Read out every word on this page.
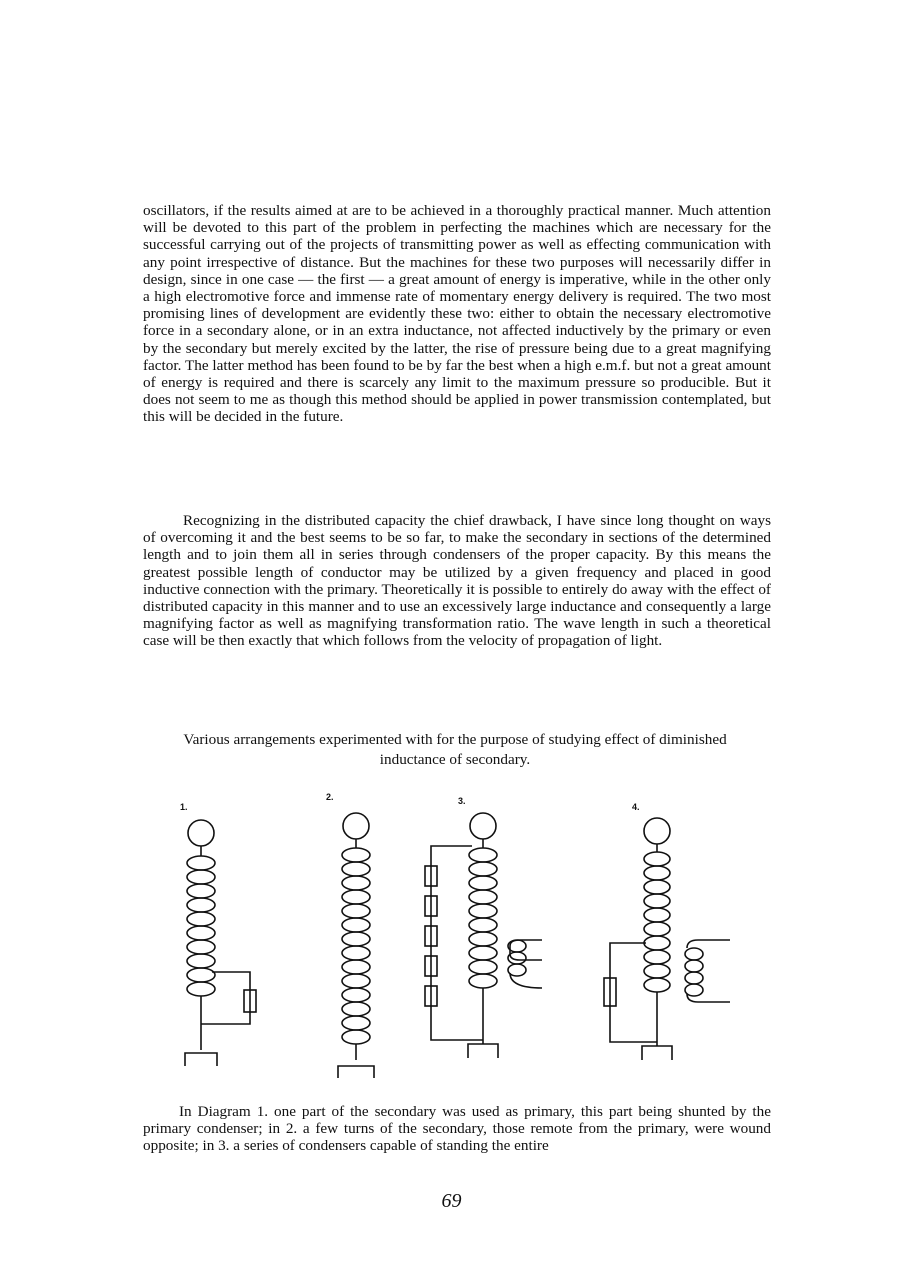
oscillators, if the results aimed at are to be achieved in a thoroughly practical manner. Much attention will be devoted to this part of the problem in perfecting the machines which are necessary for the successful carrying out of the projects of transmitting power as well as effecting communication with any point irrespective of distance. But the machines for these two purposes will necessarily differ in design, since in one case — the first — a great amount of energy is imperative, while in the other only a high electromotive force and immense rate of momentary energy delivery is required. The two most promising lines of development are evidently these two: either to obtain the necessary electromotive force in a secondary alone, or in an extra inductance, not affected inductively by the primary or even by the secondary but merely excited by the latter, the rise of pressure being due to a great magnifying factor. The latter method has been found to be by far the best when a high e.m.f. but not a great amount of energy is required and there is scarcely any limit to the maximum pressure so producible. But it does not seem to me as though this method should be applied in power transmission contemplated, but this will be decided in the future.

Recognizing in the distributed capacity the chief drawback, I have since long thought on ways of overcoming it and the best seems to be so far, to make the secondary in sections of the determined length and to join them all in series through condensers of the proper capacity. By this means the greatest possible length of conductor may be utilized by a given frequency and placed in good inductive connection with the primary. Theoretically it is possible to entirely do away with the effect of distributed capacity in this manner and to use an excessively large inductance and consequently a large magnifying factor as well as magnifying transformation ratio. The wave length in such a theoretical case will be then exactly that which follows from the velocity of propagation of light.

Various arrangements experimented with for the purpose of studying effect of diminished inductance of secondary.

1.
2.	3.
4.

In Diagram 1. one part of the secondary was used as primary, this part being shunted by the primary condenser; in 2. a few turns of the secondary, those remote from the primary, were wound opposite; in 3. a series of condensers capable of standing the entire

69
